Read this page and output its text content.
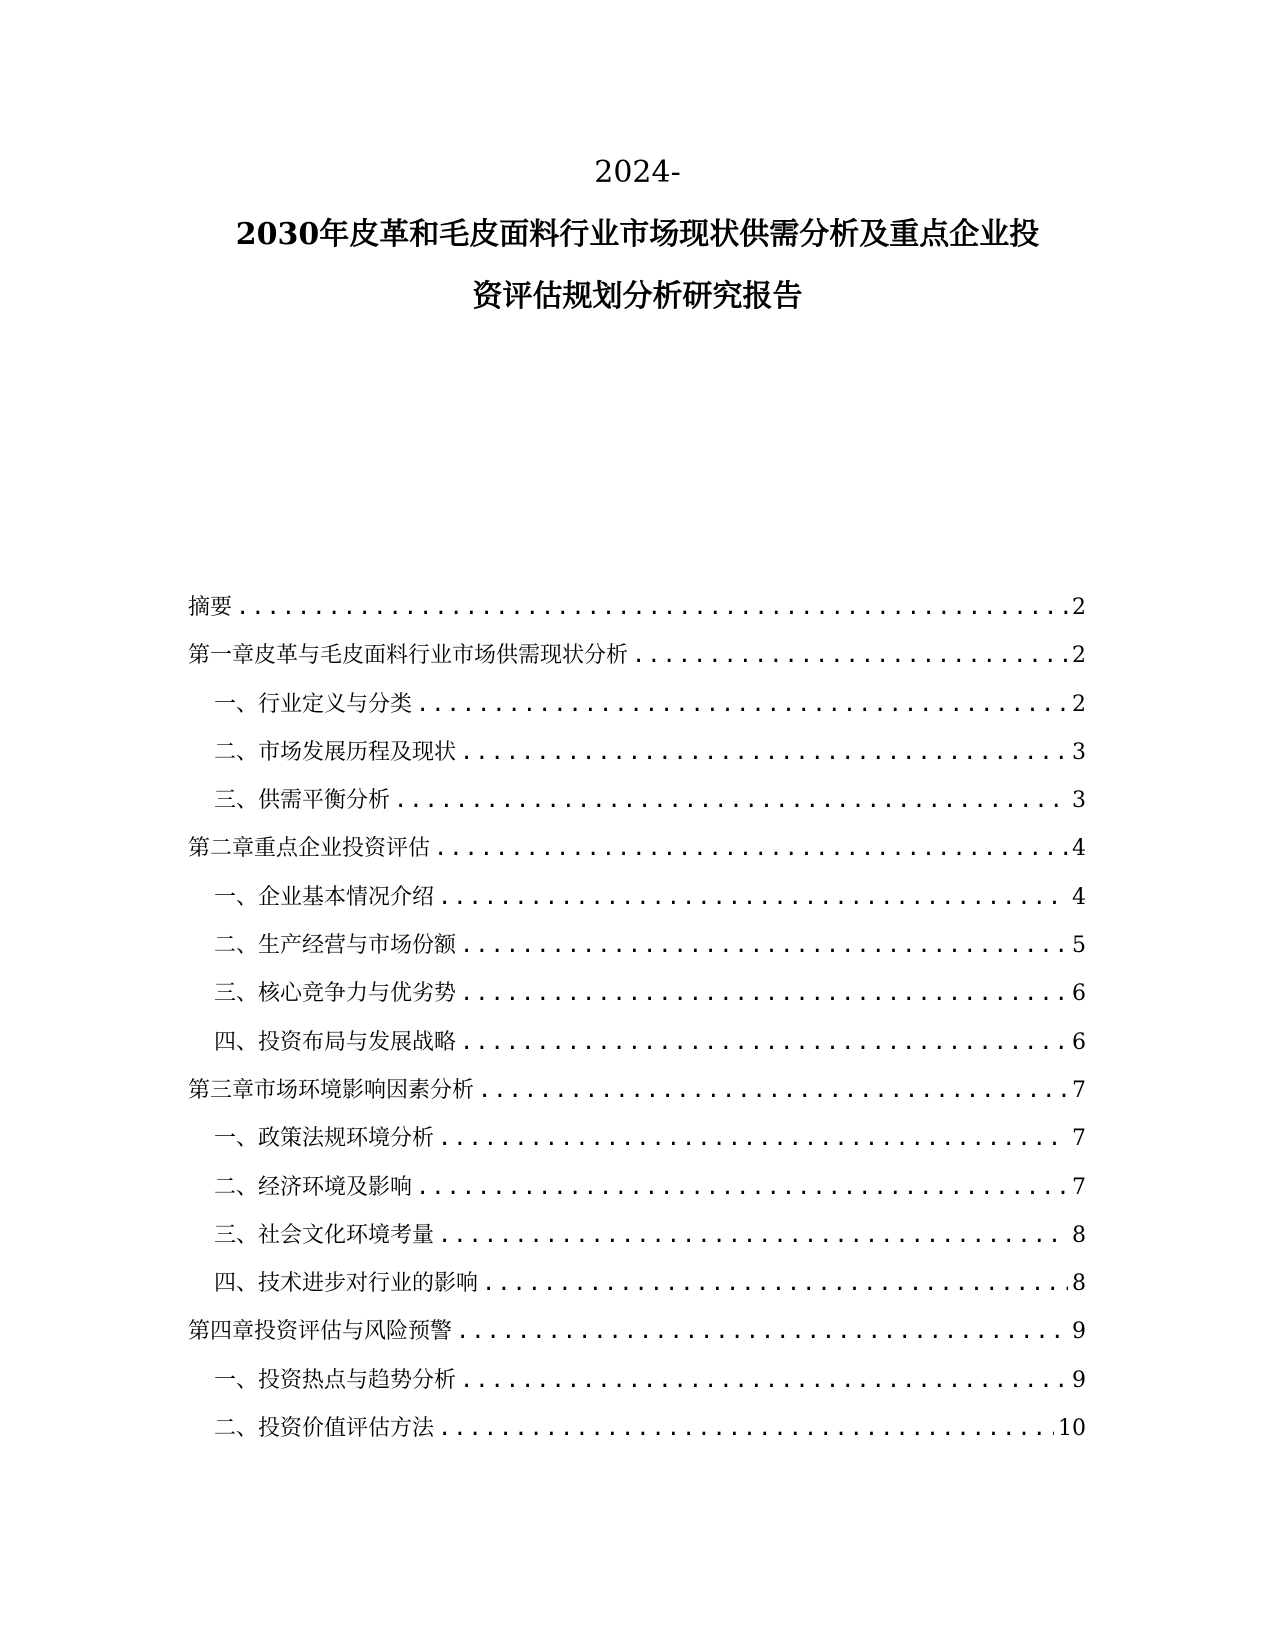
2024-
2030年皮革和毛皮面料行业市场现状供需分析及重点企业投
资评估规划分析研究报告
摘要 .....	2
第一章 皮革与毛皮面料行业市场供需现状分析 .....	2
一、 行业定义与分类 .....	2
二、 市场发展历程及现状 .....	3
三、 供需平衡分析 .....	3
第二章 重点企业投资评估 .....	4
一、 企业基本情况介绍 .....	4
二、 生产经营与市场份额 .....	5
三、 核心竞争力与优劣势 .....	6
四、 投资布局与发展战略 .....	6
第三章 市场环境影响因素分析 .....	7
一、 政策法规环境分析 .....	7
二、 经济环境及影响 .....	7
三、 社会文化环境考量 .....	8
四、 技术进步对行业的影响 .....	8
第四章 投资评估与风险预警 .....	9
一、 投资热点与趋势分析 .....	9
二、 投资价值评估方法 .....	10
